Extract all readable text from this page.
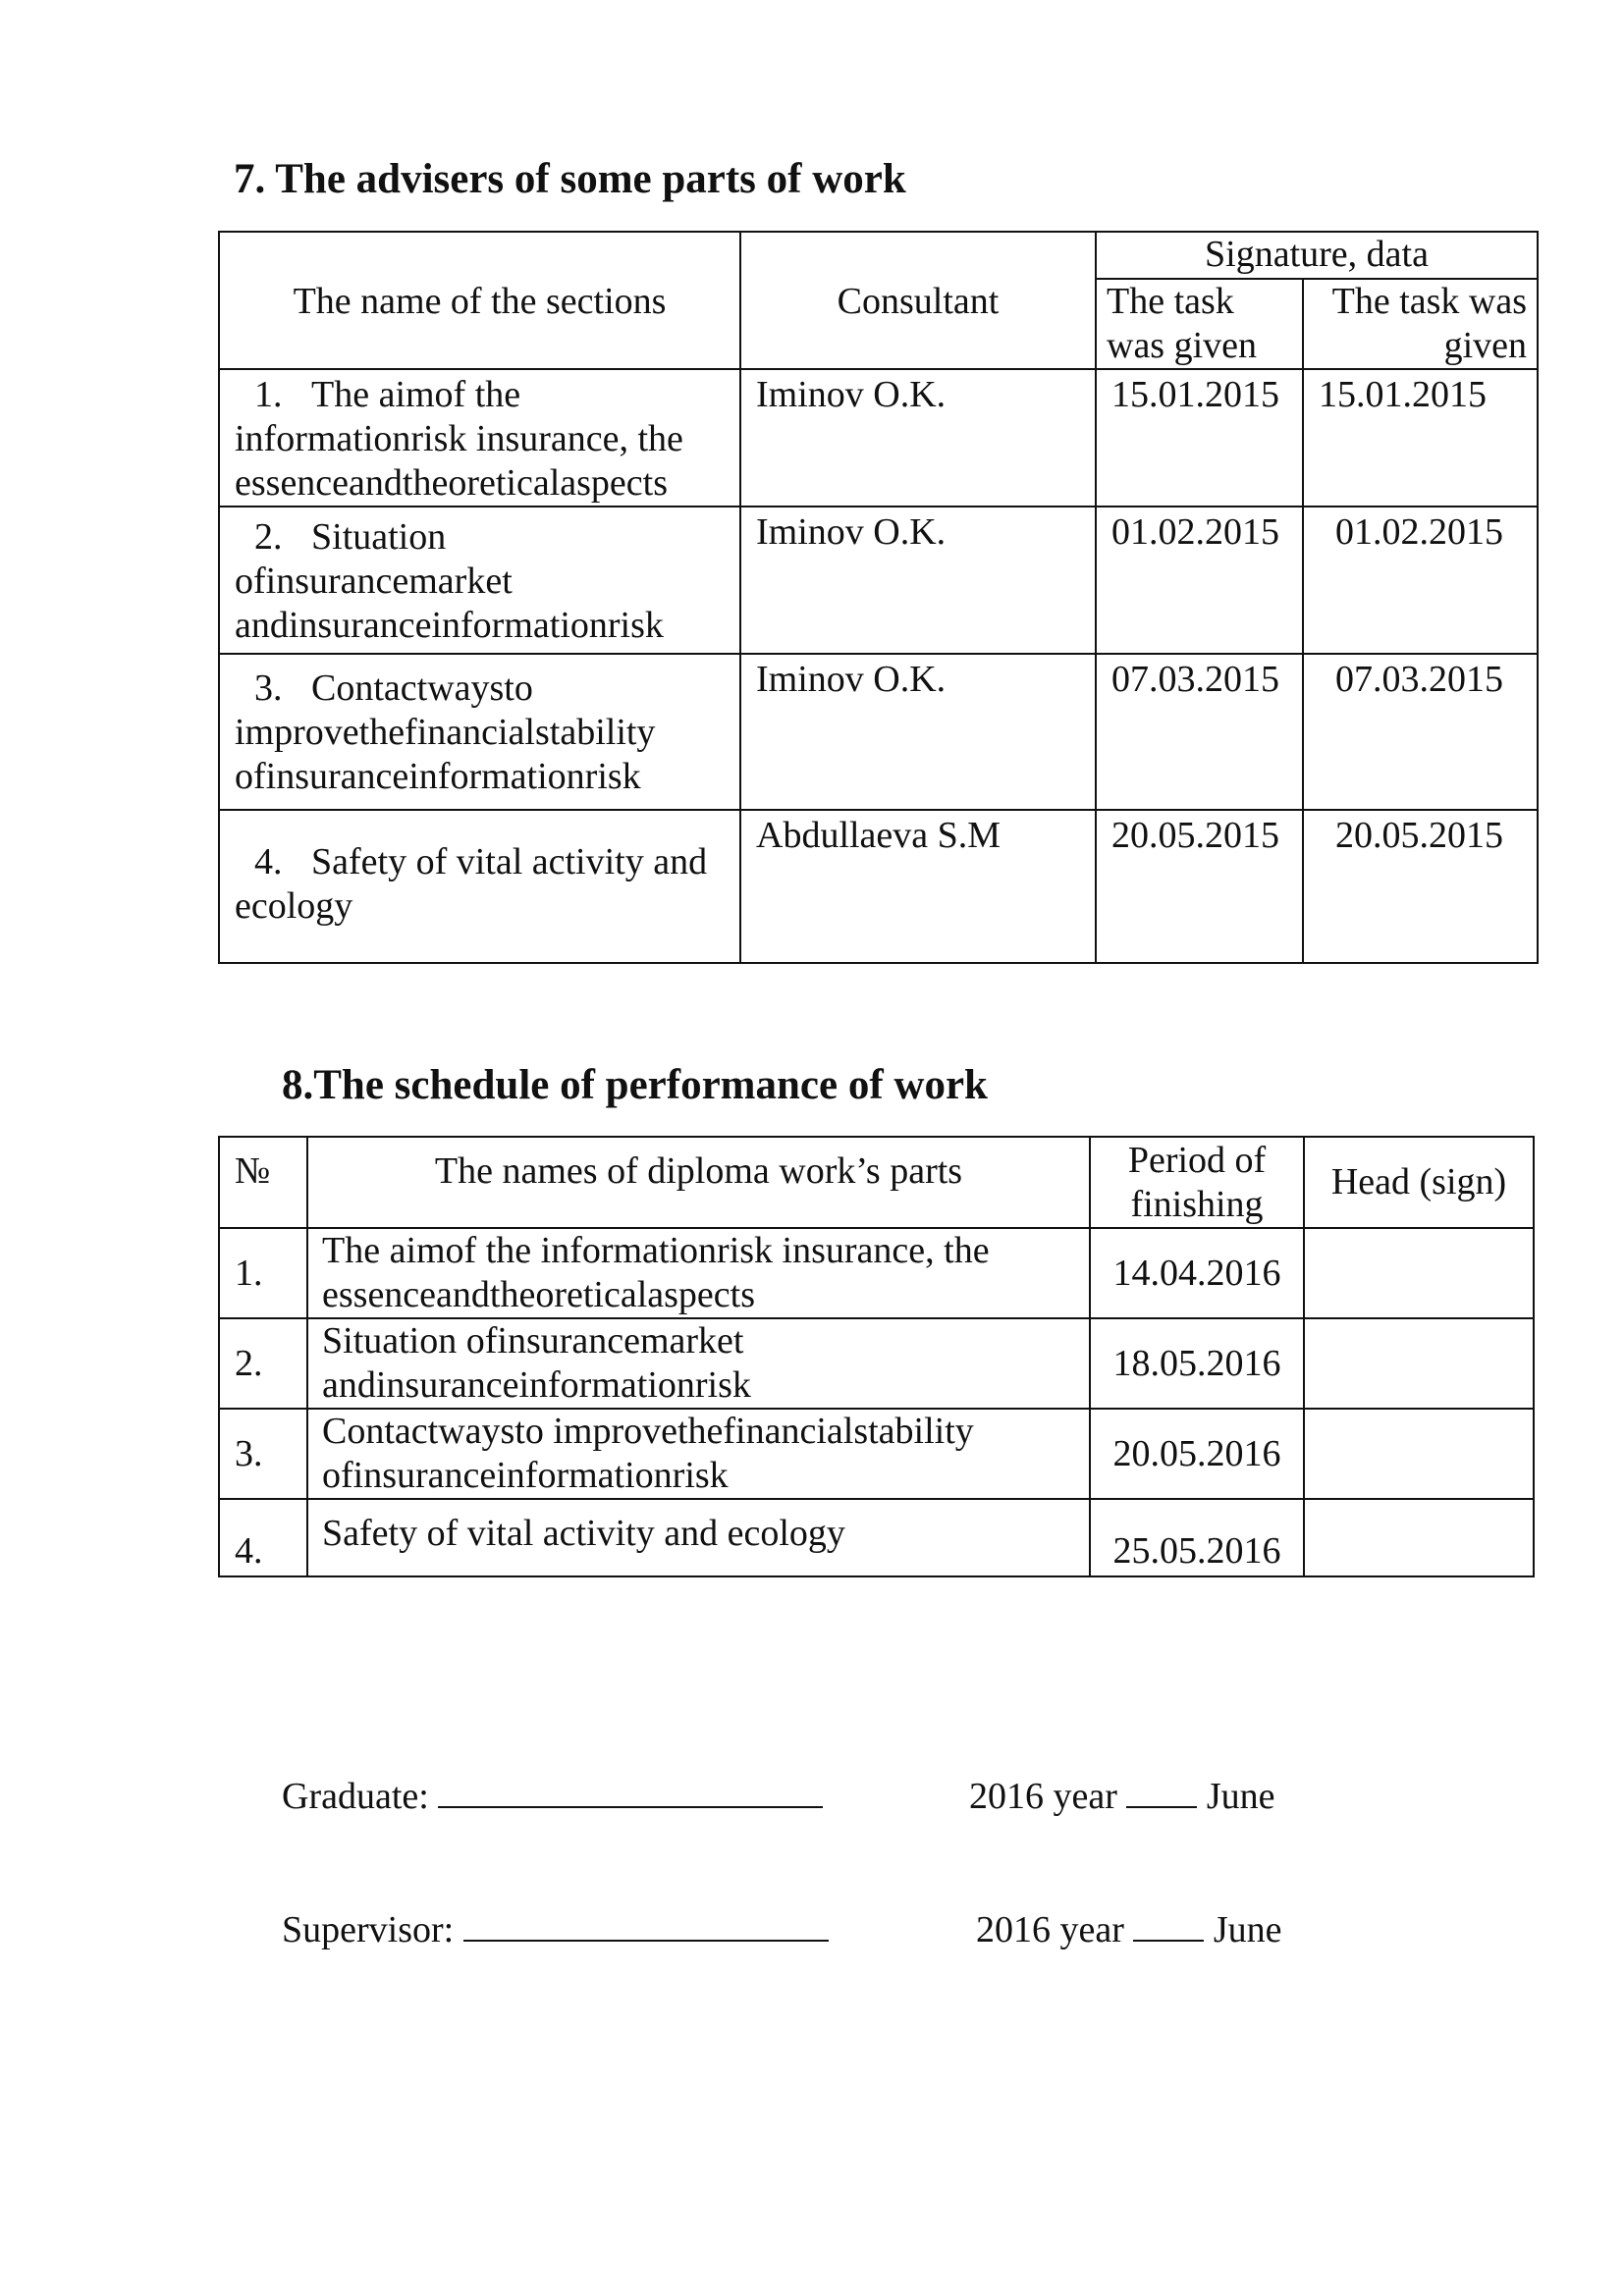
7. The advisers of some parts of work
The name of the sections	Consultant	Signature, data	
		The task was given	The task was given
1. The aimof the informationrisk insurance, the essenceandtheoreticalaspects	Iminov O.K.	15.01.2015	15.01.2015
2. Situation ofinsurancemarket andinsuranceinformationrisk	Iminov O.K.	01.02.2015	01.02.2015
3. Contactwaysto improvethefinancialstability ofinsuranceinformationrisk	Iminov O.K.	07.03.2015	07.03.2015
4. Safety of vital activity and ecology	Abdullaeva S.M	20.05.2015	20.05.2015
8.The schedule of performance of work
№	The names of diploma work’s parts	Period of finishing	Head (sign)
1.	The aimof the informationrisk insurance, the essenceandtheoreticalaspects	14.04.2016	
2.	Situation ofinsurancemarket andinsuranceinformationrisk	18.05.2016	
3.	Contactwaysto improvethefinancialstability ofinsuranceinformationrisk	20.05.2016	
4.	Safety of vital activity and ecology	25.05.2016	
Graduate:	2016 year June
Supervisor:	2016 year June
